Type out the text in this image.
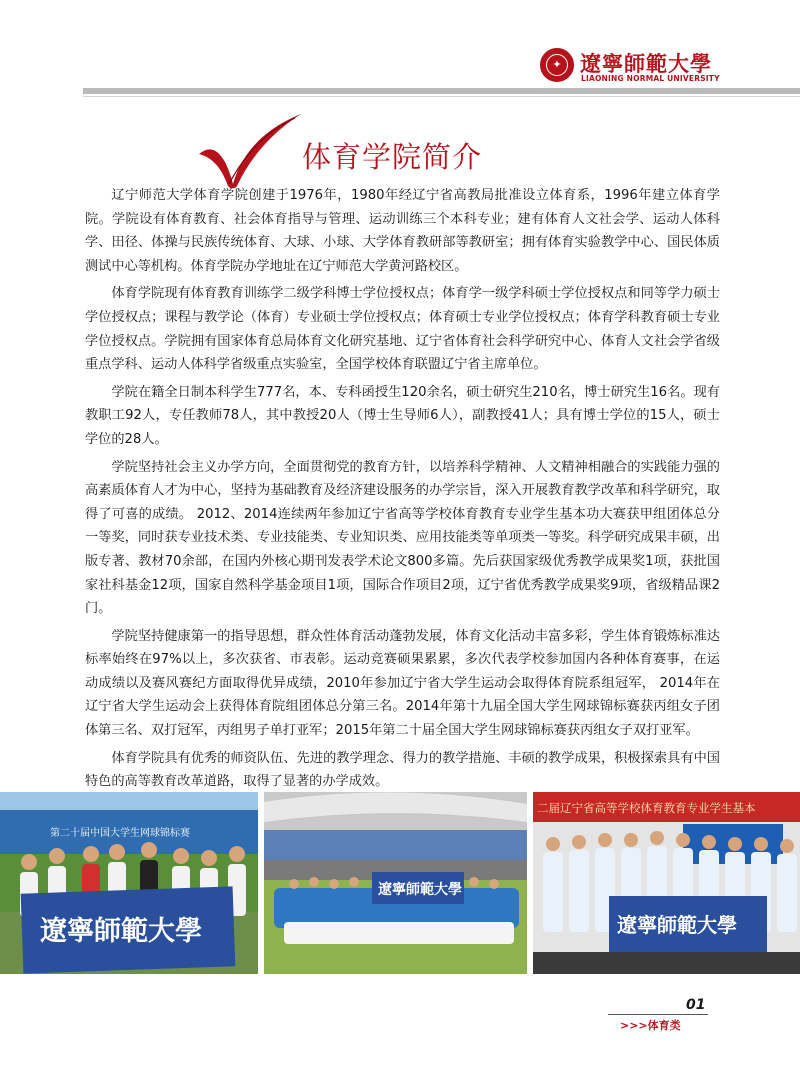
✦ 遼寧師範大學
LIAONING NORMAL UNIVERSITY
体育学院简介

辽宁师范大学体育学院创建于1976年，1980年经辽宁省高教局批准设立体育系，1996年建立体育学院。学院设有体育教育、社会体育指导与管理、运动训练三个本科专业；建有体育人文社会学、运动人体科学、田径、体操与民族传统体育、大球、小球、大学体育教研部等教研室；拥有体育实验教学中心、国民体质测试中心等机构。体育学院办学地址在辽宁师范大学黄河路校区。

体育学院现有体育教育训练学二级学科博士学位授权点；体育学一级学科硕士学位授权点和同等学力硕士学位授权点；课程与教学论（体育）专业硕士学位授权点；体育硕士专业学位授权点；体育学科教育硕士专业学位授权点。学院拥有国家体育总局体育文化研究基地、辽宁省体育社会科学研究中心、体育人文社会学省级重点学科、运动人体科学省级重点实验室，全国学校体育联盟辽宁省主席单位。

学院在籍全日制本科学生777名，本、专科函授生120余名，硕士研究生210名，博士研究生16名。现有教职工92人，专任教师78人，其中教授20人（博士生导师6人），副教授41人；具有博士学位的15人，硕士学位的28人。

学院坚持社会主义办学方向，全面贯彻党的教育方针，以培养科学精神、人文精神相融合的实践能力强的高素质体育人才为中心，坚持为基础教育及经济建设服务的办学宗旨，深入开展教育教学改革和科学研究，取得了可喜的成绩。 2012、2014连续两年参加辽宁省高等学校体育教育专业学生基本功大赛获甲组团体总分一等奖，同时获专业技术类、专业技能类、专业知识类、应用技能类等单项类一等奖。科学研究成果丰硕，出版专著、教材70余部，在国内外核心期刊发表学术论文800多篇。先后获国家级优秀教学成果奖1项，获批国家社科基金12项，国家自然科学基金项目1项，国际合作项目2项，辽宁省优秀教学成果奖9项，省级精品课2门。

学院坚持健康第一的指导思想，群众性体育活动蓬勃发展，体育文化活动丰富多彩，学生体育锻炼标准达标率始终在97%以上，多次获省、市表彰。运动竞赛硕果累累，多次代表学校参加国内各种体育赛事，在运动成绩以及赛风赛纪方面取得优异成绩，2010年参加辽宁省大学生运动会取得体育院系组冠军， 2014年在辽宁省大学生运动会上获得体育院组团体总分第三名。2014年第十九届全国大学生网球锦标赛获丙组女子团体第三名、双打冠军，丙组男子单打亚军；2015年第二十届全国大学生网球锦标赛获丙组女子双打亚军。

体育学院具有优秀的师资队伍、先进的教学理念、得力的教学措施、丰硕的教学成果，积极探索具有中国特色的高等教育改革道路，取得了显著的办学成效。

第二十届中国大学生网球锦标赛
遼寧師範大學
遼寧師範大學
二届辽宁省高等学校体育教育专业学生基本
遼寧師範大學
01
>>>体育类
